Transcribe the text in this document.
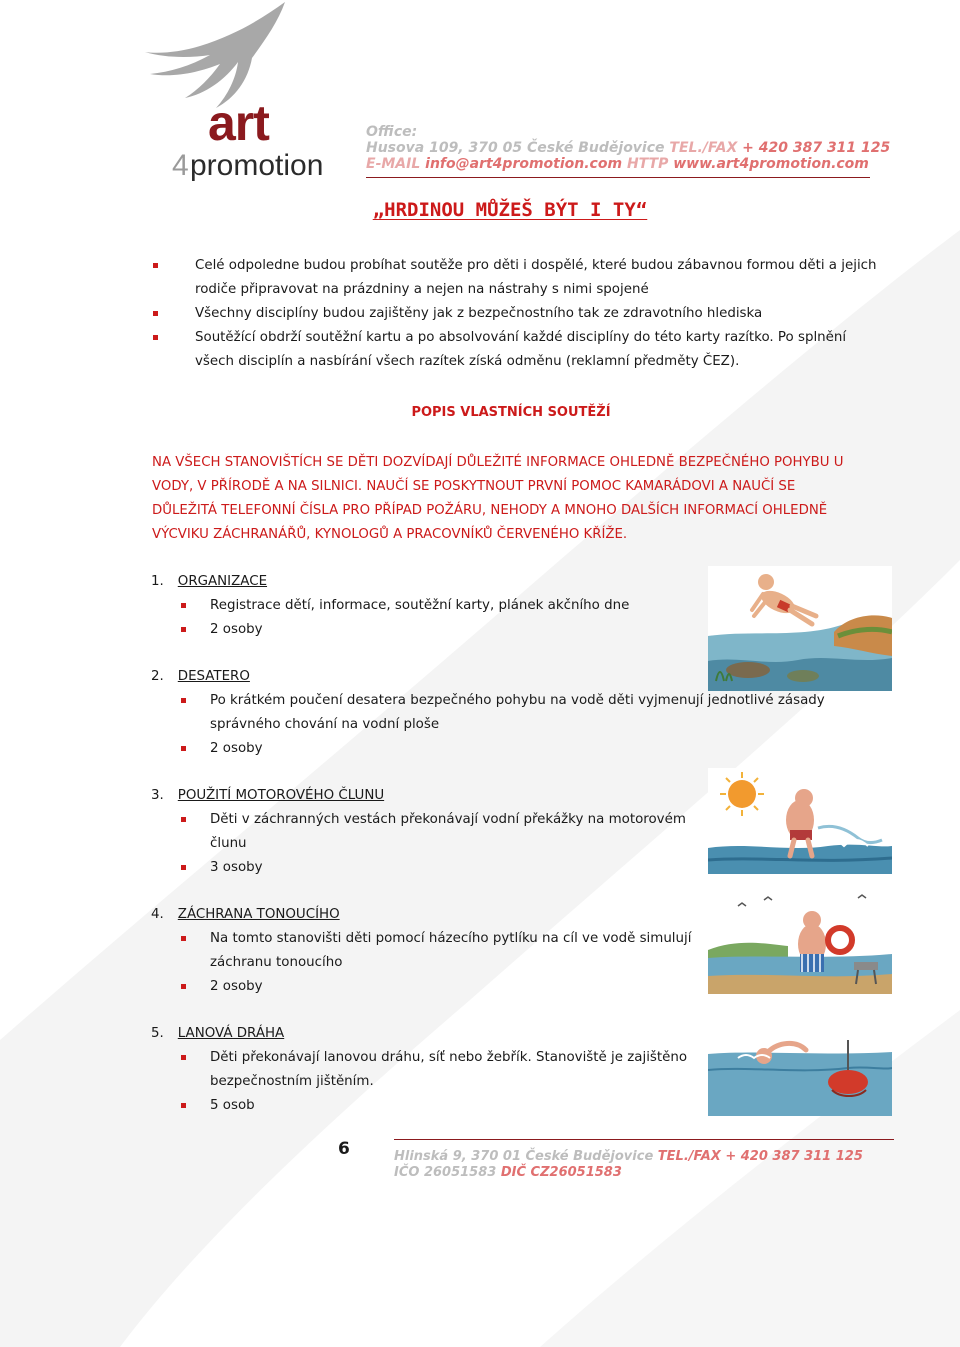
art
4 promotion
Office:
Husova 109, 370 05 České Budějovice TEL./FAX + 420 387 311 125
E-MAIL info@art4promotion.com HTTP www.art4promotion.com
„HRDINOU MŮŽEŠ BÝT I TY“
Celé odpoledne budou probíhat soutěže pro děti i dospělé, které budou zábavnou formou děti a jejich
rodiče připravovat na prázdniny a nejen na nástrahy s nimi spojené
Všechny disciplíny budou zajištěny jak z bezpečnostního tak ze zdravotního hlediska
Soutěžící obdrží soutěžní kartu a po absolvování každé disciplíny do této karty razítko. Po splnění
všech disciplín a nasbírání všech razítek získá odměnu (reklamní předměty ČEZ).
POPIS VLASTNÍCH SOUTĚŽÍ
NA VŠECH STANOVIŠTÍCH SE DĚTI DOZVÍDAJÍ DŮLEŽITÉ INFORMACE OHLEDNĚ BEZPEČNÉHO POHYBU U
VODY, V PŘÍRODĚ A NA SILNICI. NAUČÍ SE POSKYTNOUT PRVNÍ POMOC KAMARÁDOVI A NAUČÍ SE
DŮLEŽITÁ TELEFONNÍ ČÍSLA PRO PŘÍPAD POŽÁRU, NEHODY A MNOHO DALŠÍCH INFORMACÍ OHLEDNĚ
VÝCVIKU ZÁCHRANÁŘŮ, KYNOLOGŮ A PRACOVNÍKŮ ČERVENÉHO KŘÍŽE.
1. ORGANIZACE
Registrace dětí, informace, soutěžní karty, plánek akčního dne
2 osoby
2. DESATERO
Po krátkém poučení desatera bezpečného pohybu na vodě děti vyjmenují jednotlivé zásady
správného chování na vodní ploše
2 osoby
3. POUŽITÍ MOTOROVÉHO ČLUNU
Děti v záchranných vestách překonávají vodní překážky na motorovém
člunu
3 osoby
4. ZÁCHRANA TONOUCÍHO
Na tomto stanovišti děti pomocí házecího pytlíku na cíl ve vodě simulují
záchranu tonoucího
2 osoby
5. LANOVÁ DRÁHA
Děti překonávají lanovou dráhu, síť nebo žebřík. Stanoviště je zajištěno
bezpečnostním jištěním.
5 osob
6	Hlinská 9, 370 01 České Budějovice TEL./FAX + 420 387 311 125
IČO 26051583 DIČ CZ26051583
